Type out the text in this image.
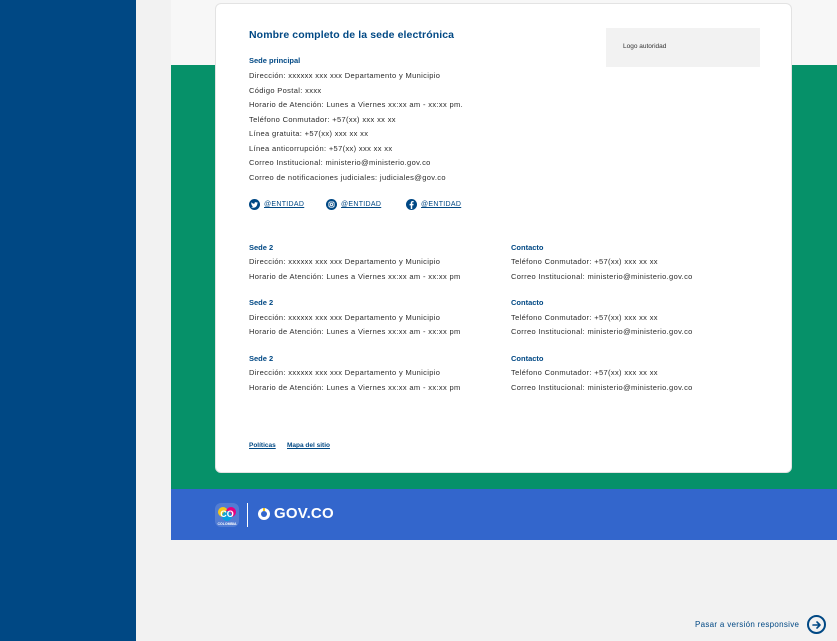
Nombre completo de la sede electrónica
Logo autoridad
Sede principal
Dirección: xxxxxx xxx xxx Departamento y Municipio
Código Postal: xxxx
Horario de Atención: Lunes a Viernes xx:xx am - xx:xx pm.
Teléfono Conmutador: +57(xx) xxx xx xx
Línea gratuita: +57(xx) xxx xx xx
Línea anticorrupción: +57(xx) xxx xx xx
Correo Institucional: ministerio@ministerio.gov.co
Correo de notificaciones judiciales: judiciales@gov.co
@ENTIDAD	@ENTIDAD	@ENTIDAD
Sede 2
Dirección: xxxxxx xxx xxx Departamento y Municipio
Horario de Atención: Lunes a Viernes xx:xx am - xx:xx pm
Contacto
Teléfono Conmutador: +57(xx) xxx xx xx
Correo Institucional: ministerio@ministerio.gov.co
Sede 2
Dirección: xxxxxx xxx xxx Departamento y Municipio
Horario de Atención: Lunes a Viernes xx:xx am - xx:xx pm
Contacto
Teléfono Conmutador: +57(xx) xxx xx xx
Correo Institucional: ministerio@ministerio.gov.co
Sede 2
Dirección: xxxxxx xxx xxx Departamento y Municipio
Horario de Atención: Lunes a Viernes xx:xx am - xx:xx pm
Contacto
Teléfono Conmutador: +57(xx) xxx xx xx
Correo Institucional: ministerio@ministerio.gov.co
Políticas Mapa del sitio
CO
COLOMBIA
GOV.CO
Pasar a versión responsive
